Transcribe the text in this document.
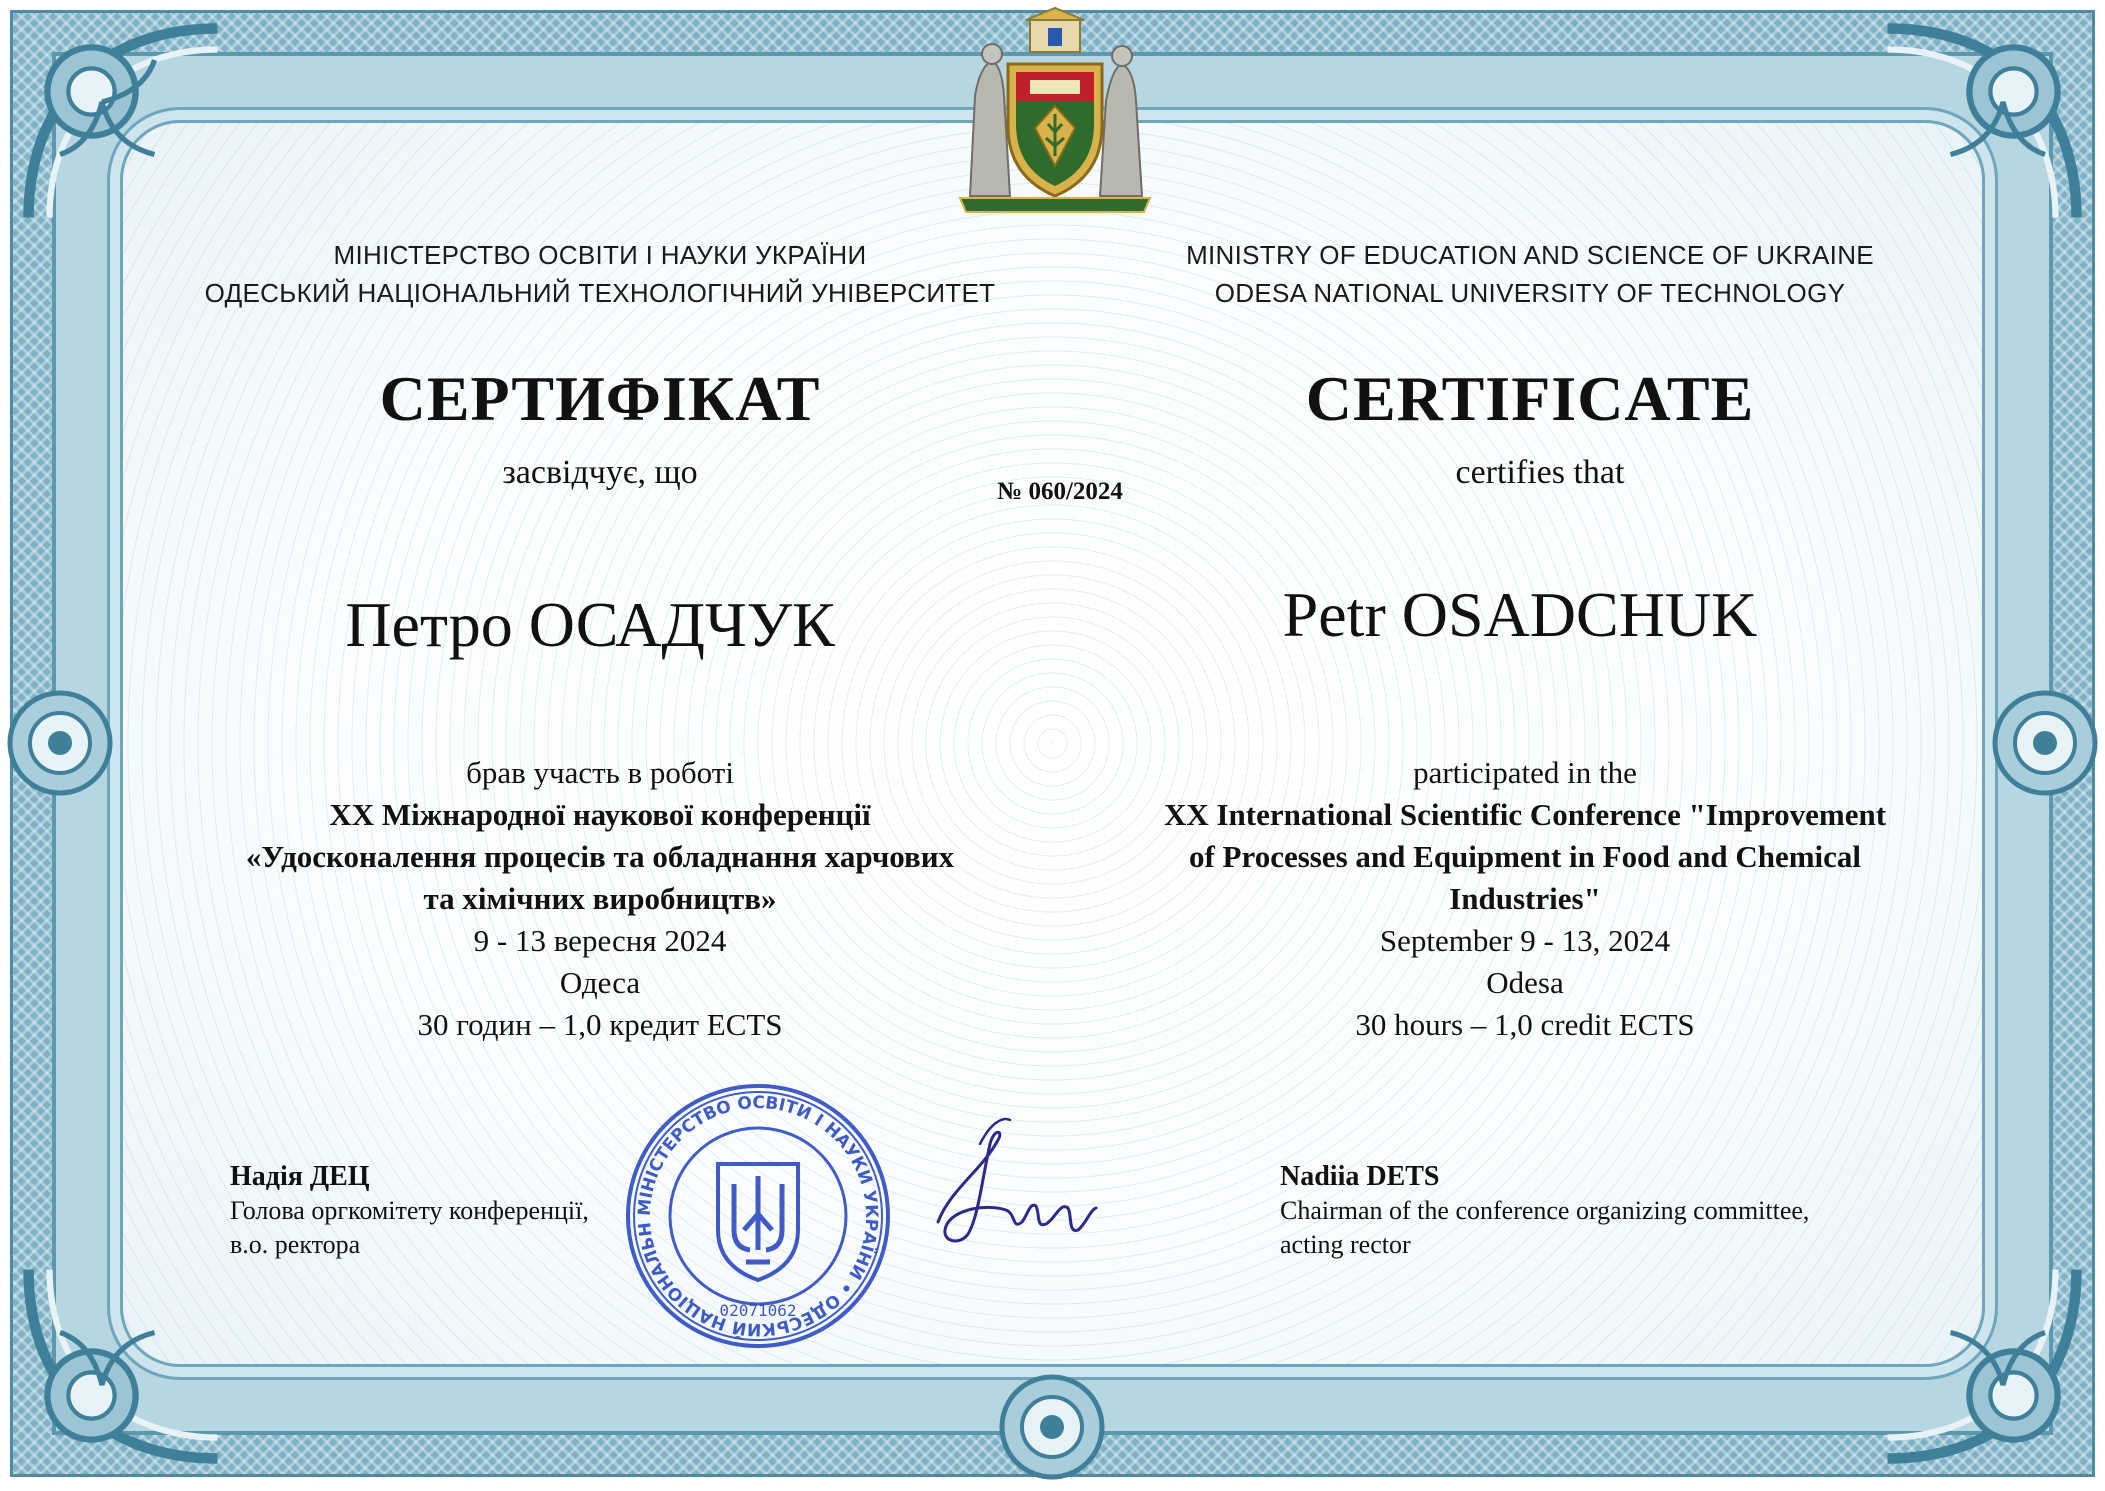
МІНІСТЕРСТВО ОСВІТИ І НАУКИ УКРАЇНИ
ОДЕСЬКИЙ НАЦІОНАЛЬНИЙ ТЕХНОЛОГІЧНИЙ УНІВЕРСИТЕТ
MINISTRY OF EDUCATION AND SCIENCE OF UKRAINE
ODESA NATIONAL UNIVERSITY OF TECHNOLOGY
СЕРТИФІКАТ	CERTIFICATE
засвідчує, що	certifies that
№ 060/2024
Петро ОСАДЧУК	Petr OSADCHUK
брав участь в роботі
XX Міжнародної наукової конференції
«Удосконалення процесів та обладнання харчових
та хімічних виробництв»
9 - 13 вересня 2024
Одеса
30 годин – 1,0 кредит ECTS
participated in the
XX International Scientific Conference "Improvement
of Processes and Equipment in Food and Chemical
Industries"
September 9 - 13, 2024
Odesa
30 hours – 1,0 credit ECTS
Надія ДЕЦ
Голова оргкомітету конференції,
в.о. ректора
Nadiia DETS
Chairman of the conference organizing committee,
acting rector
МІНІСТЕРСТВО ОСВІТИ І НАУКИ УКРАЇНИ • ОДЕСЬКИЙ НАЦІОНАЛЬН
02071062
